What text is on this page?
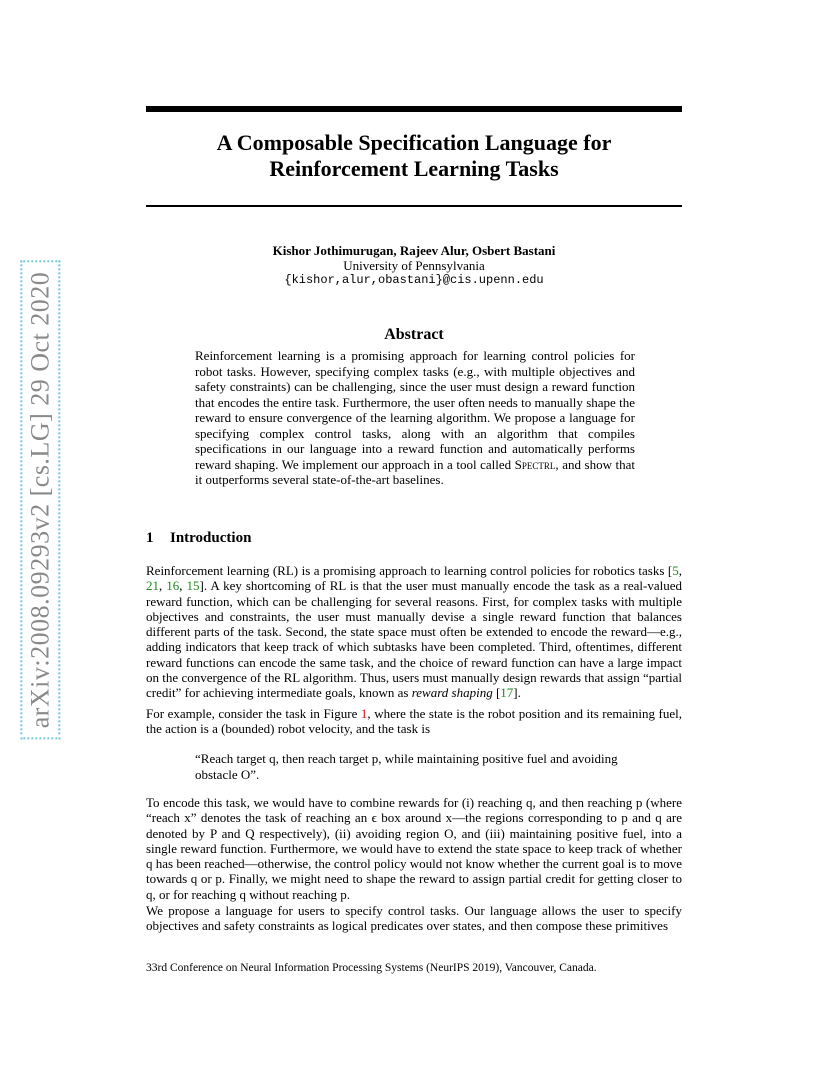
arXiv:2008.09293v2 [cs.LG] 29 Oct 2020
A Composable Specification Language for
Reinforcement Learning Tasks
Kishor Jothimurugan, Rajeev Alur, Osbert Bastani
University of Pennsylvania
{kishor,alur,obastani}@cis.upenn.edu
Abstract
Reinforcement learning is a promising approach for learning control policies for robot tasks. However, specifying complex tasks (e.g., with multiple objectives and safety constraints) can be challenging, since the user must design a reward function that encodes the entire task. Furthermore, the user often needs to manually shape the reward to ensure convergence of the learning algorithm. We propose a language for specifying complex control tasks, along with an algorithm that compiles specifications in our language into a reward function and automatically performs reward shaping. We implement our approach in a tool called Spectrl, and show that it outperforms several state-of-the-art baselines.
1 Introduction
Reinforcement learning (RL) is a promising approach to learning control policies for robotics tasks [5, 21, 16, 15]. A key shortcoming of RL is that the user must manually encode the task as a real-valued reward function, which can be challenging for several reasons. First, for complex tasks with multiple objectives and constraints, the user must manually devise a single reward function that balances different parts of the task. Second, the state space must often be extended to encode the reward—e.g., adding indicators that keep track of which subtasks have been completed. Third, oftentimes, different reward functions can encode the same task, and the choice of reward function can have a large impact on the convergence of the RL algorithm. Thus, users must manually design rewards that assign “partial credit” for achieving intermediate goals, known as reward shaping [17].
For example, consider the task in Figure 1, where the state is the robot position and its remaining fuel, the action is a (bounded) robot velocity, and the task is
“Reach target q, then reach target p, while maintaining positive fuel and avoiding obstacle O”.
To encode this task, we would have to combine rewards for (i) reaching q, and then reaching p (where “reach x” denotes the task of reaching an ϵ box around x—the regions corresponding to p and q are denoted by P and Q respectively), (ii) avoiding region O, and (iii) maintaining positive fuel, into a single reward function. Furthermore, we would have to extend the state space to keep track of whether q has been reached—otherwise, the control policy would not know whether the current goal is to move towards q or p. Finally, we might need to shape the reward to assign partial credit for getting closer to q, or for reaching q without reaching p.
We propose a language for users to specify control tasks. Our language allows the user to specify objectives and safety constraints as logical predicates over states, and then compose these primitives
33rd Conference on Neural Information Processing Systems (NeurIPS 2019), Vancouver, Canada.
